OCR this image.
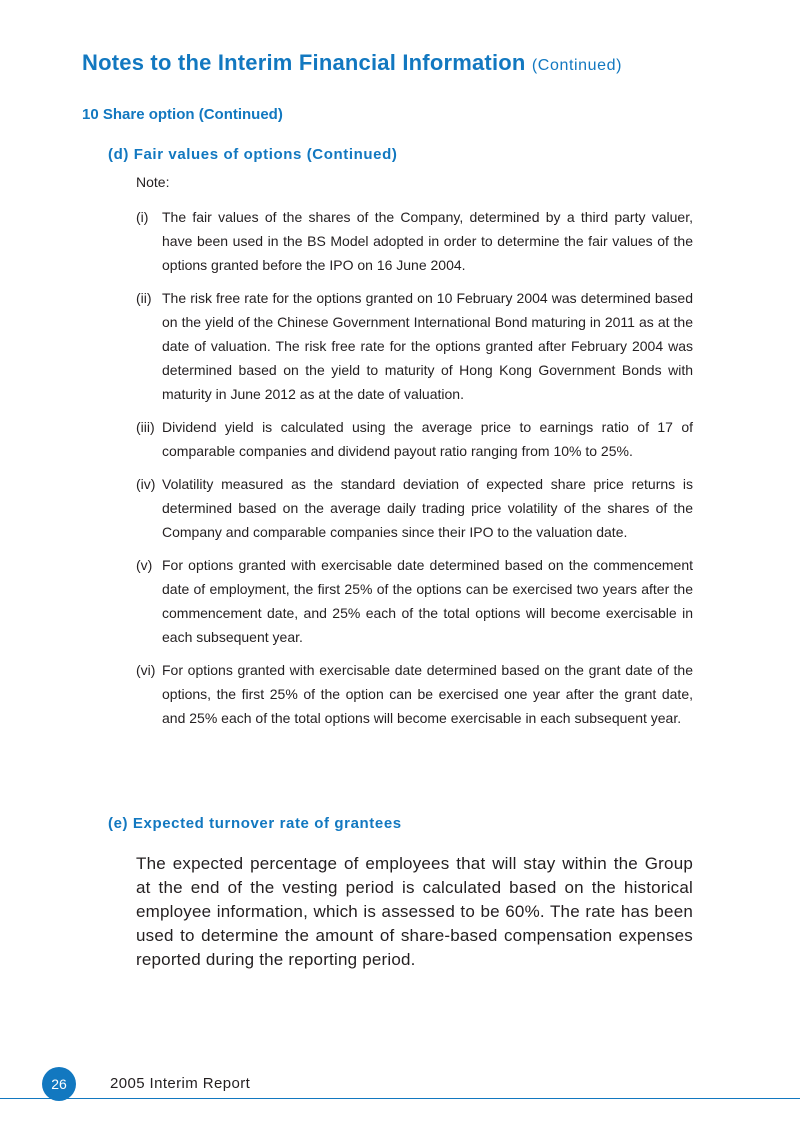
Notes to the Interim Financial Information (Continued)
10 Share option (Continued)
(d) Fair values of options (Continued)

Note:

(i) The fair values of the shares of the Company, determined by a third party valuer, have been used in the BS Model adopted in order to determine the fair values of the options granted before the IPO on 16 June 2004.
(ii) The risk free rate for the options granted on 10 February 2004 was determined based on the yield of the Chinese Government International Bond maturing in 2011 as at the date of valuation. The risk free rate for the options granted after February 2004 was determined based on the yield to maturity of Hong Kong Government Bonds with maturity in June 2012 as at the date of valuation.
(iii) Dividend yield is calculated using the average price to earnings ratio of 17 of comparable companies and dividend payout ratio ranging from 10% to 25%.
(iv) Volatility measured as the standard deviation of expected share price returns is determined based on the average daily trading price volatility of the shares of the Company and comparable companies since their IPO to the valuation date.
(v) For options granted with exercisable date determined based on the commencement date of employment, the first 25% of the options can be exercised two years after the commencement date, and 25% each of the total options will become exercisable in each subsequent year.
(vi) For options granted with exercisable date determined based on the grant date of the options, the first 25% of the option can be exercised one year after the grant date, and 25% each of the total options will become exercisable in each subsequent year.
(e) Expected turnover rate of grantees

The expected percentage of employees that will stay within the Group at the end of the vesting period is calculated based on the historical employee information, which is assessed to be 60%. The rate has been used to determine the amount of share-based compensation expenses reported during the reporting period.

26	2005 Interim Report
